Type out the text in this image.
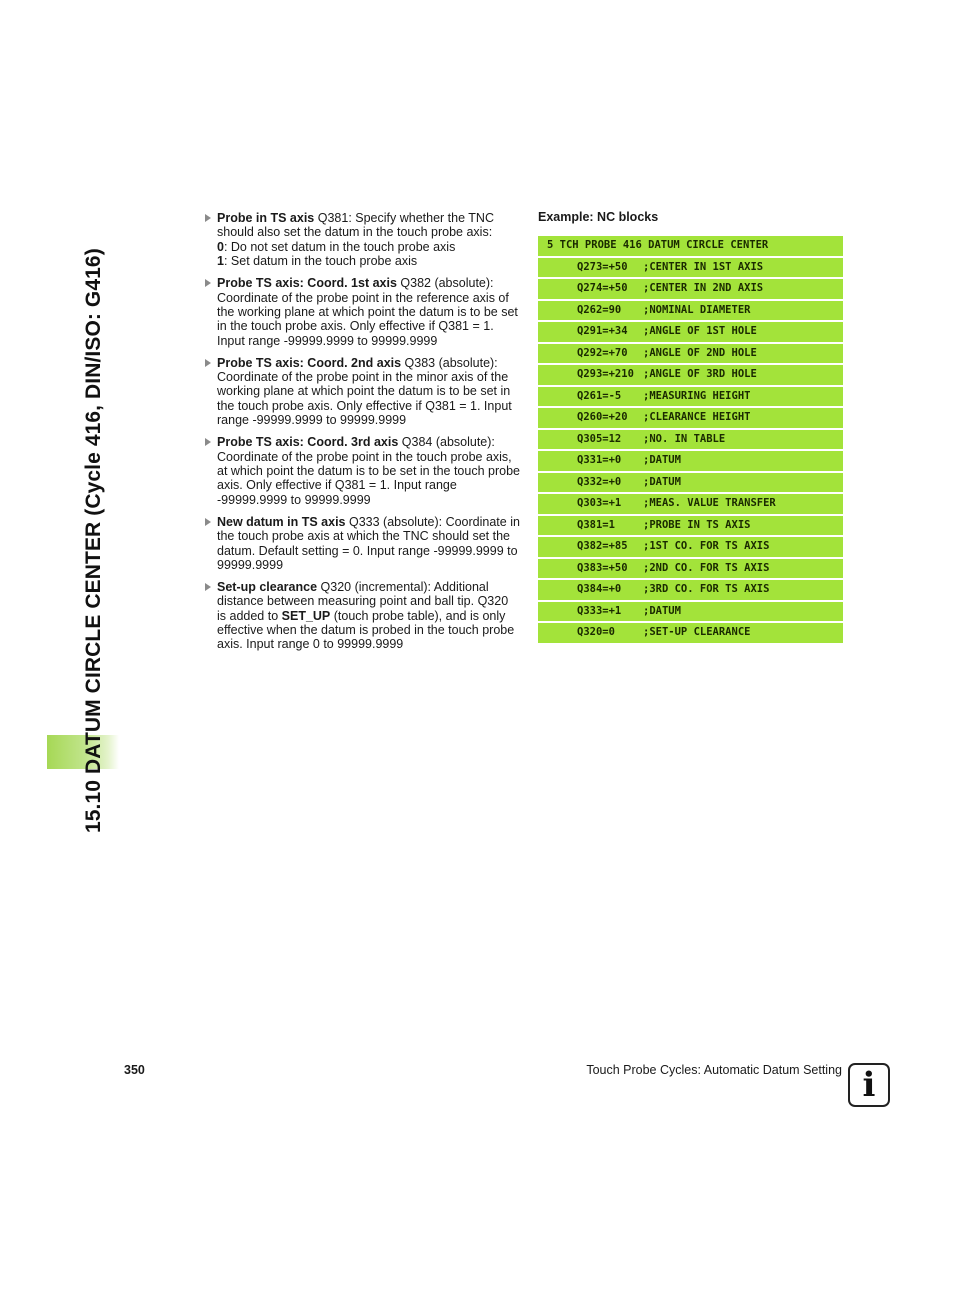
15.10 DATUM CIRCLE CENTER (Cycle 416, DIN/ISO: G416)
Probe in TS axis Q381: Specify whether the TNC should also set the datum in the touch probe axis:
0: Do not set datum in the touch probe axis
1: Set datum in the touch probe axis
Probe TS axis: Coord. 1st axis Q382 (absolute): Coordinate of the probe point in the reference axis of the working plane at which point the datum is to be set in the touch probe axis. Only effective if Q381 = 1. Input range -99999.9999 to 99999.9999
Probe TS axis: Coord. 2nd axis Q383 (absolute): Coordinate of the probe point in the minor axis of the working plane at which point the datum is to be set in the touch probe axis. Only effective if Q381 = 1. Input range -99999.9999 to 99999.9999
Probe TS axis: Coord. 3rd axis Q384 (absolute): Coordinate of the probe point in the touch probe axis, at which point the datum is to be set in the touch probe axis. Only effective if Q381 = 1. Input range -99999.9999 to 99999.9999
New datum in TS axis Q333 (absolute): Coordinate in the touch probe axis at which the TNC should set the datum. Default setting = 0. Input range -99999.9999 to 99999.9999
Set-up clearance Q320 (incremental): Additional distance between measuring point and ball tip. Q320 is added to SET_UP (touch probe table), and is only effective when the datum is probed in the touch probe axis. Input range 0 to 99999.9999
Example: NC blocks
5 TCH PROBE 416 DATUM CIRCLE CENTER
Q273=+50 ;CENTER IN 1ST AXIS
Q274=+50 ;CENTER IN 2ND AXIS
Q262=90 ;NOMINAL DIAMETER
Q291=+34 ;ANGLE OF 1ST HOLE
Q292=+70 ;ANGLE OF 2ND HOLE
Q293=+210 ;ANGLE OF 3RD HOLE
Q261=-5 ;MEASURING HEIGHT
Q260=+20 ;CLEARANCE HEIGHT
Q305=12 ;NO. IN TABLE
Q331=+0 ;DATUM
Q332=+0 ;DATUM
Q303=+1 ;MEAS. VALUE TRANSFER
Q381=1	;PROBE IN TS AXIS
Q382=+85 ;1ST CO. FOR TS AXIS
Q383=+50 ;2ND CO. FOR TS AXIS
Q384=+0 ;3RD CO. FOR TS AXIS
Q333=+1 ;DATUM
Q320=0	;SET-UP CLEARANCE
350	Touch Probe Cycles: Automatic Datum Setting i
